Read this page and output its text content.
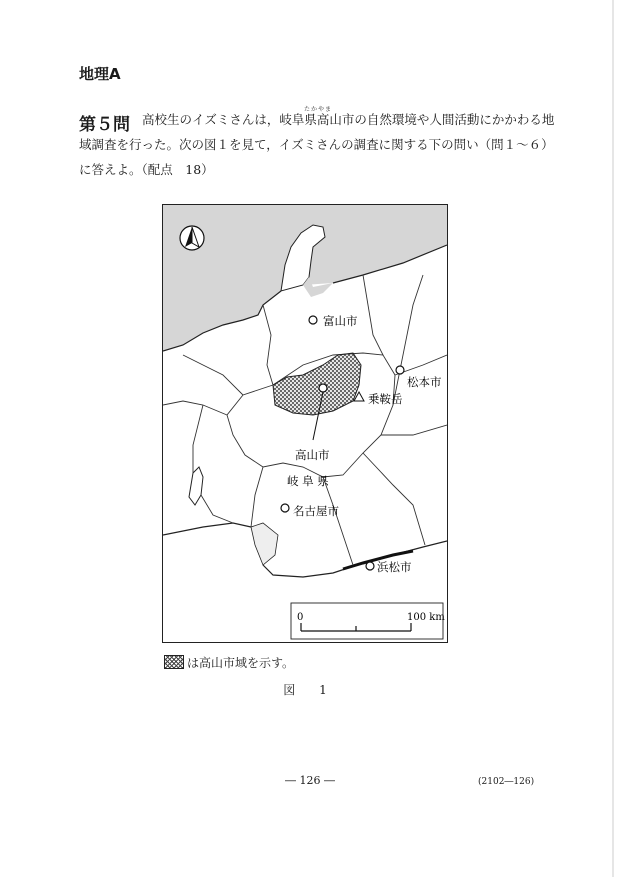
地理A
たかやま
第５問 高校生のイズミさんは，岐阜県高山市の自然環境や人間活動にかかわる地
域調査を行った。次の図１を見て，イズミさんの調査に関する下の問い（問１～６）
に答えよ。（配点　18）
富山市
松本市
乗鞍岳
高山市
岐 阜 県
名古屋市
浜松市
0	100 km
は高山市域を示す。
図 1
― 126 ―	(2102―126)
